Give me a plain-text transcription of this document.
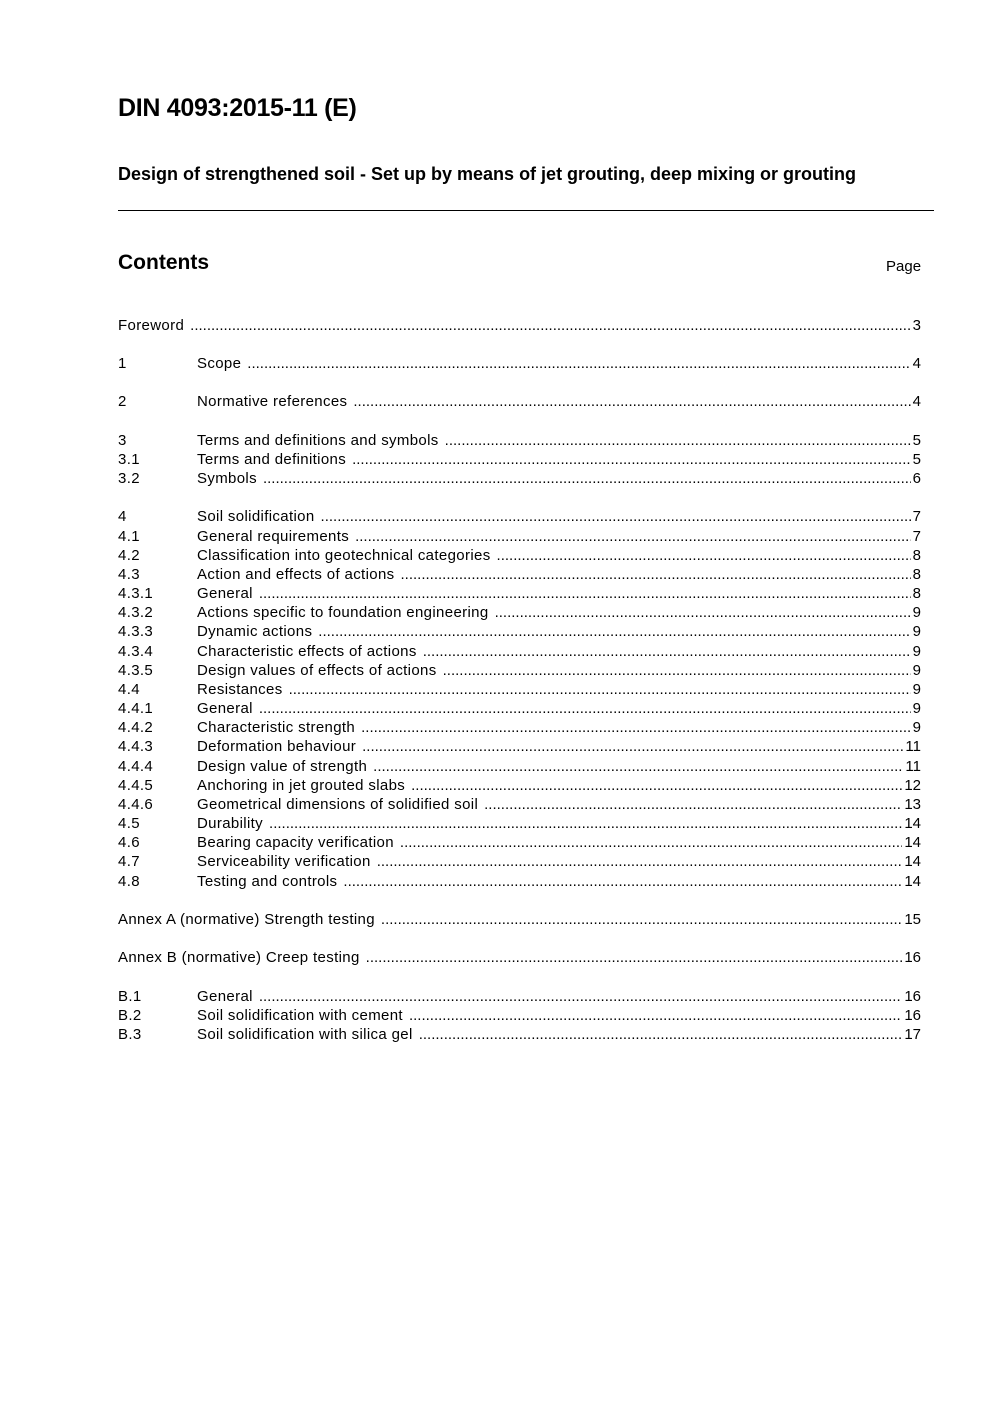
DIN 4093:2015-11 (E)
Design of strengthened soil - Set up by means of jet grouting, deep mixing or grouting
Contents	Page
Foreword .....	3
1	Scope .....	4
2	Normative references .....	4
3	Terms and definitions and symbols .....	5
3.1	Terms and definitions .....	5
3.2	Symbols .....	6
4	Soil solidification .....	7
4.1	General requirements .....	7
4.2	Classification into geotechnical categories .....	8
4.3	Action and effects of actions .....	8
4.3.1	General .....	8
4.3.2	Actions specific to foundation engineering .....	9
4.3.3	Dynamic actions .....	9
4.3.4	Characteristic effects of actions .....	9
4.3.5	Design values of effects of actions .....	9
4.4	Resistances .....	9
4.4.1	General .....	9
4.4.2	Characteristic strength .....	9
4.4.3	Deformation behaviour .....	11
4.4.4	Design value of strength .....	11
4.4.5	Anchoring in jet grouted slabs .....	12
4.4.6	Geometrical dimensions of solidified soil .....	13
4.5	Durability .....	14
4.6	Bearing capacity verification .....	14
4.7	Serviceability verification .....	14
4.8	Testing and controls .....	14
Annex A (normative) Strength testing .....	15
Annex B (normative) Creep testing .....	16
B.1	General .....	16
B.2	Soil solidification with cement .....	16
B.3	Soil solidification with silica gel .....	17
